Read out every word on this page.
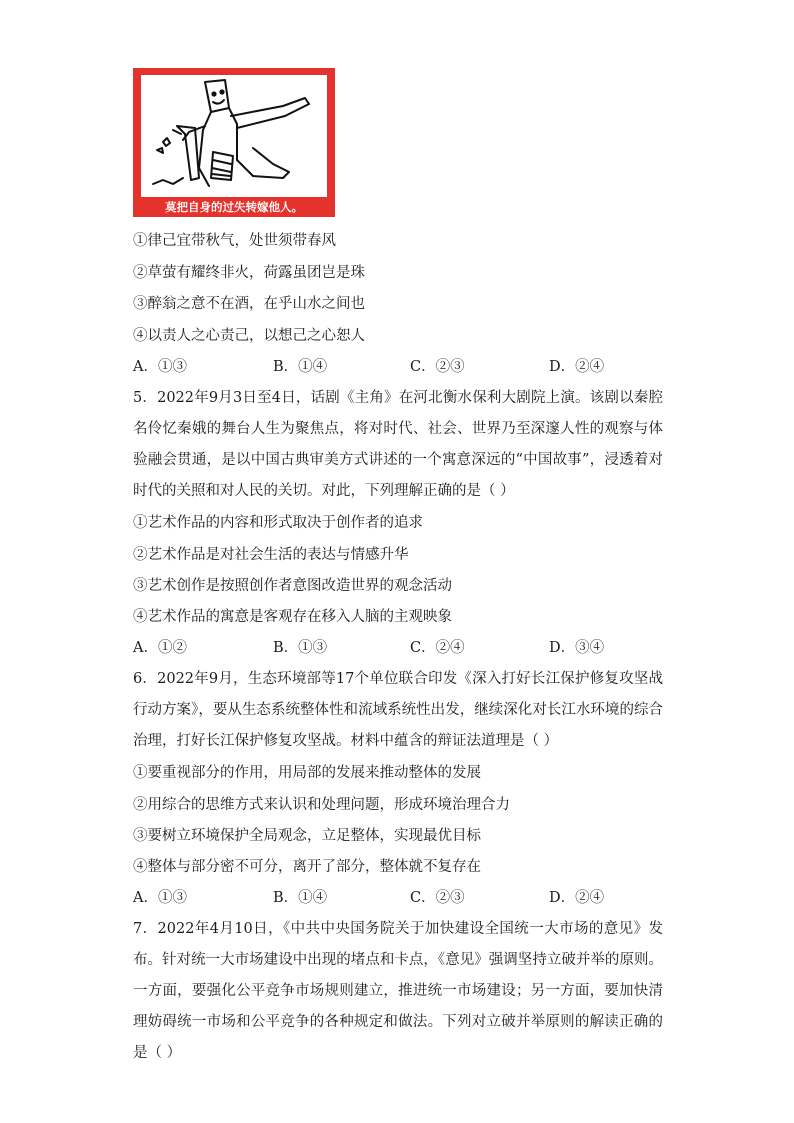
莫把自身的过失转嫁他人。
①律己宜带秋气，处世须带春风
②草萤有耀终非火，荷露虽团岂是珠
③醉翁之意不在酒，在乎山水之间也
④以责人之心责己，以想己之心恕人
A．①③	B．①④	C．②③	D．②④
5．2022年9月3日至4日，话剧《主角》在河北衡水保利大剧院上演。该剧以秦腔名伶忆秦娥的舞台人生为聚焦点，将对时代、社会、世界乃至深邃人性的观察与体验融会贯通，是以中国古典审美方式讲述的一个寓意深远的“中国故事”，浸透着对时代的关照和对人民的关切。对此，下列理解正确的是（ ）
①艺术作品的内容和形式取决于创作者的追求
②艺术作品是对社会生活的表达与情感升华
③艺术创作是按照创作者意图改造世界的观念活动
④艺术作品的寓意是客观存在移入人脑的主观映象
A．①②	B．①③	C．②④	D．③④
6．2022年9月，生态环境部等17个单位联合印发《深入打好长江保护修复攻坚战行动方案》，要从生态系统整体性和流域系统性出发，继续深化对长江水环境的综合治理，打好长江保护修复攻坚战。材料中蕴含的辩证法道理是（ ）
①要重视部分的作用，用局部的发展来推动整体的发展
②用综合的思维方式来认识和处理问题，形成环境治理合力
③要树立环境保护全局观念，立足整体，实现最优目标
④整体与部分密不可分，离开了部分，整体就不复存在
A．①③	B．①④	C．②③	D．②④
7．2022年4月10日，《中共中央国务院关于加快建设全国统一大市场的意见》发布。针对统一大市场建设中出现的堵点和卡点，《意见》强调坚持立破并举的原则。一方面，要强化公平竞争市场规则建立，推进统一市场建设；另一方面，要加快清理妨碍统一市场和公平竞争的各种规定和做法。下列对立破并举原则的解读正确的是（ ）
